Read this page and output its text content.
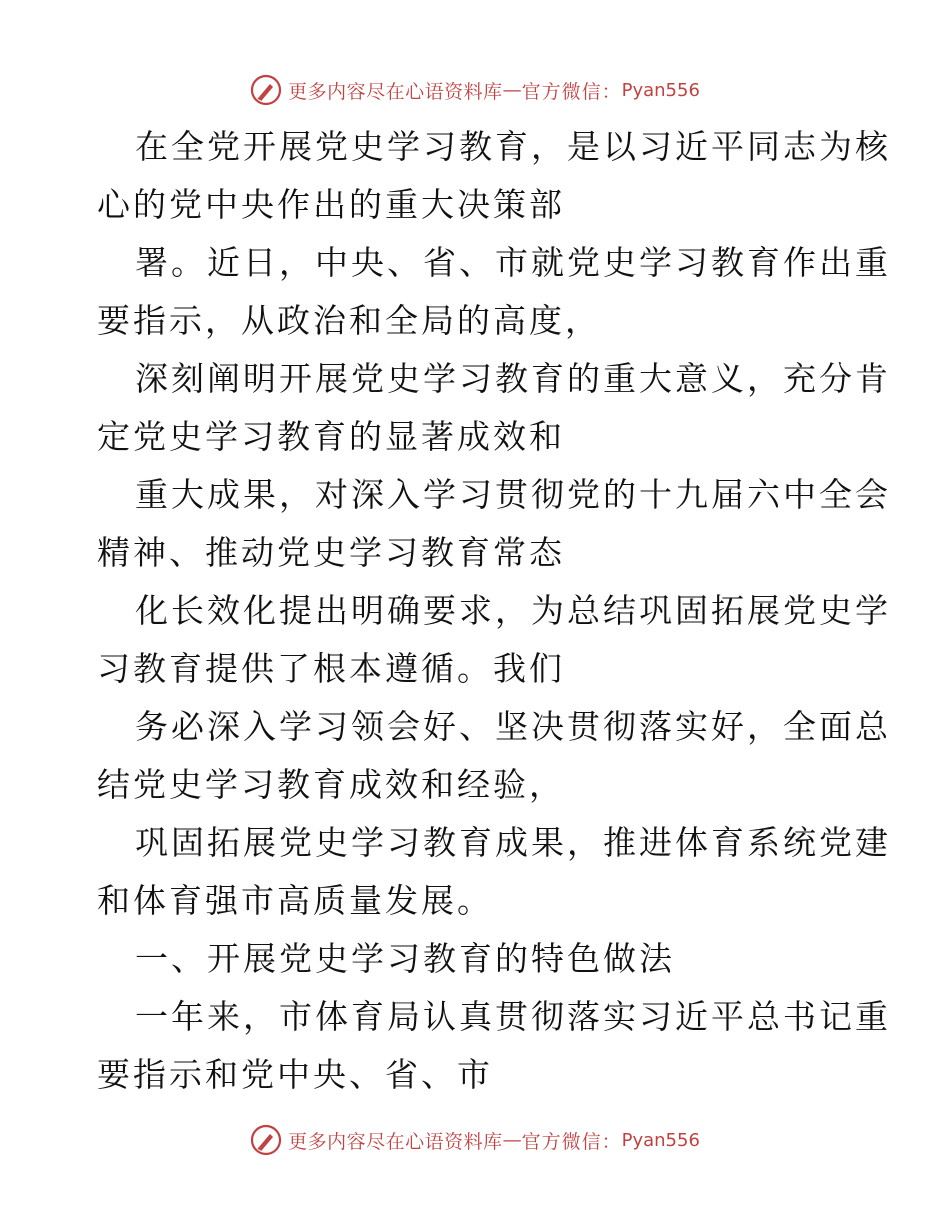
更多内容尽在心语资料库 — 官方微信： Pyan556
在全党开展党史学习教育，是以习近平同志为核
心的党中央作出的重大决策部
署。近日，中央、省、市就党史学习教育作出重
要指示，从政治和全局的高度，
深刻阐明开展党史学习教育的重大意义，充分肯
定党史学习教育的显著成效和
重大成果，对深入学习贯彻党的十九届六中全会
精神、推动党史学习教育常态
化长效化提出明确要求，为总结巩固拓展党史学
习教育提供了根本遵循。我们
务必深入学习领会好、坚决贯彻落实好，全面总
结党史学习教育成效和经验，
巩固拓展党史学习教育成果，推进体育系统党建
和体育强市高质量发展。
一、开展党史学习教育的特色做法
一年来，市体育局认真贯彻落实习近平总书记重
要指示和党中央、省、市
更多内容尽在心语资料库 — 官方微信： Pyan556
